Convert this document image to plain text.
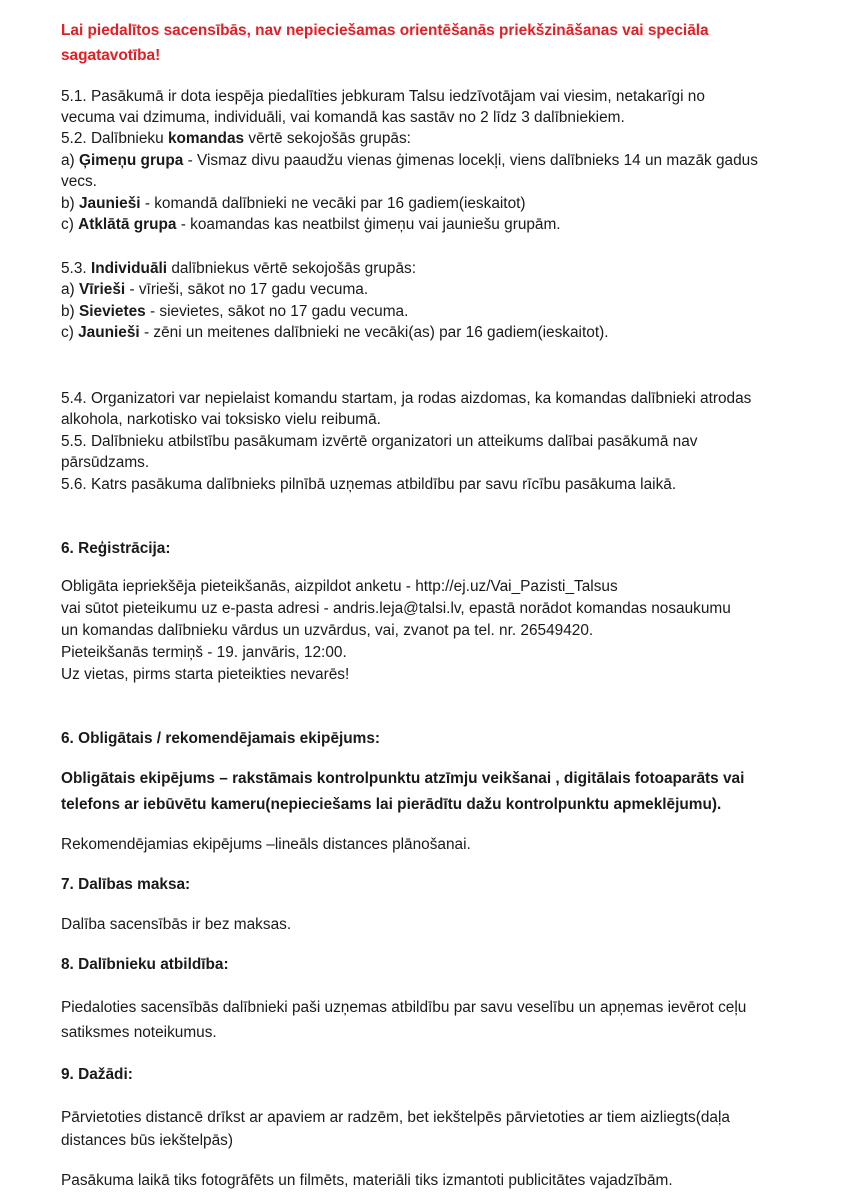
Lai piedalītos sacensībās, nav nepieciešamas orientēšanās priekšzināšanas vai speciāla
sagatavotība!
5.1. Pasākumā ir dota iespēja piedalīties jebkuram Talsu iedzīvotājam vai viesim, netakarīgi no
vecuma vai dzimuma, individuāli, vai komandā kas sastāv no 2 līdz 3 dalībniekiem.
5.2. Dalībnieku komandas vērtē sekojošās grupās:
a) Ģimeņu grupa - Vismaz divu paaudžu vienas ģimenas locekļi, viens dalībnieks 14 un mazāk gadus
vecs.
b) Jaunieši - komandā dalībnieki ne vecāki par 16 gadiem(ieskaitot)
c) Atklātā grupa - koamandas kas neatbilst ģimeņu vai jauniešu grupām.
5.3. Individuāli dalībniekus vērtē sekojošās grupās:
a) Vīrieši - vīrieši, sākot no 17 gadu vecuma.
b) Sievietes - sievietes, sākot no 17 gadu vecuma.
c) Jaunieši - zēni un meitenes dalībnieki ne vecāki(as) par 16 gadiem(ieskaitot).
5.4. Organizatori var nepielaist komandu startam, ja rodas aizdomas, ka komandas dalībnieki atrodas
alkohola, narkotisko vai toksisko vielu reibumā.
5.5. Dalībnieku atbilstību pasākumam izvērtē organizatori un atteikums dalībai pasākumā nav
pārsūdzams.
5.6. Katrs pasākuma dalībnieks pilnībā uzņemas atbildību par savu rīcību pasākuma laikā.
6. Reģistrācija:
Obligāta iepriekšēja pieteikšanās, aizpildot anketu - http://ej.uz/Vai_Pazisti_Talsus
vai sūtot pieteikumu uz e-pasta adresi - andris.leja@talsi.lv, epastā norādot komandas nosaukumu
un komandas dalībnieku vārdus un uzvārdus, vai, zvanot pa tel. nr. 26549420.
Pieteikšanās termiņš - 19. janvāris, 12:00.
Uz vietas, pirms starta pieteikties nevarēs!
6. Obligātais / rekomendējamais ekipējums:
Obligātais ekipējums – rakstāmais kontrolpunktu atzīmju veikšanai , digitālais fotoaparāts vai
telefons ar iebūvētu kameru(nepieciešams lai pierādītu dažu kontrolpunktu apmeklējumu).
Rekomendējamias ekipējums –lineāls distances plānošanai.
7. Dalības maksa:
Dalība sacensībās ir bez maksas.
8. Dalībnieku atbildība:
Piedaloties sacensībās dalībnieki paši uzņemas atbildību par savu veselību un apņemas ievērot ceļu
satiksmes noteikumus.
9. Dažādi:
Pārvietoties distancē drīkst ar apaviem ar radzēm, bet iekštelpēs pārvietoties ar tiem aizliegts(daļa
distances būs iekštelpās)
Pasākuma laikā tiks fotogrāfēts un filmēts, materiāli tiks izmantoti publicitātes vajadzībām.
